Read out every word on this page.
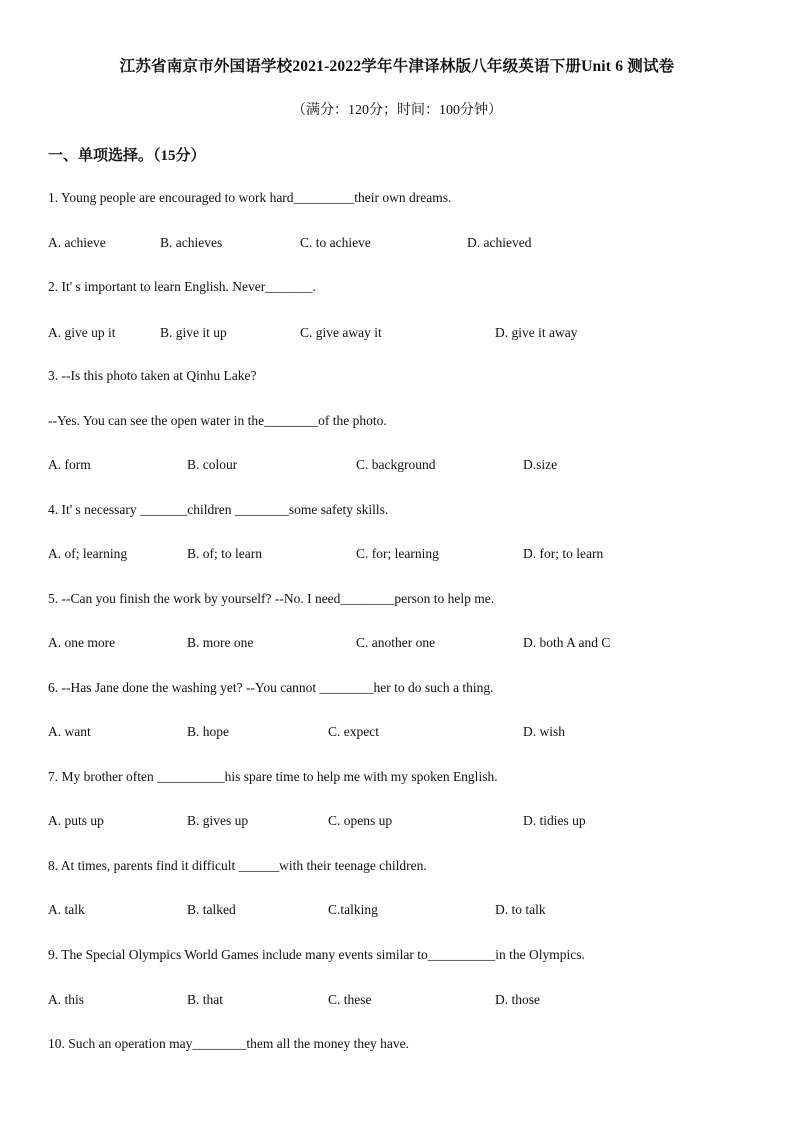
江苏省南京市外国语学校2021-2022学年牛津译林版八年级英语下册Unit 6 测试卷
（满分：120分；时间：100分钟）
一、单项选择。（15分）
1. Young people are encouraged to work hard_________their own dreams.
A. achieve	B. achieves	C. to achieve	D. achieved
2. It' s important to learn English. Never_______.
A. give up it	B. give it up	C. give away it	D. give it away
3. --Is this photo taken at Qinhu Lake?
--Yes. You can see the open water in the________of the photo.
A. form	B. colour	C. background	D.size
4. It' s necessary _______children ________some safety skills.
A. of; learning	B. of; to learn	C. for; learning	D. for; to learn
5. --Can you finish the work by yourself? --No. I need________person to help me.
A. one more	B. more one	C. another one	D. both A and C
6. --Has Jane done the washing yet? --You cannot ________her to do such a thing.
A. want	B. hope	C. expect	D. wish
7. My brother often __________his spare time to help me with my spoken English.
A. puts up	B. gives up	C. opens up	D. tidies up
8. At times, parents find it difficult ______with their teenage children.
A. talk	B. talked	C.talking	D. to talk
9. The Special Olympics World Games include many events similar to__________in the Olympics.
A. this	B. that	C. these	D. those
10. Such an operation may________them all the money they have.
